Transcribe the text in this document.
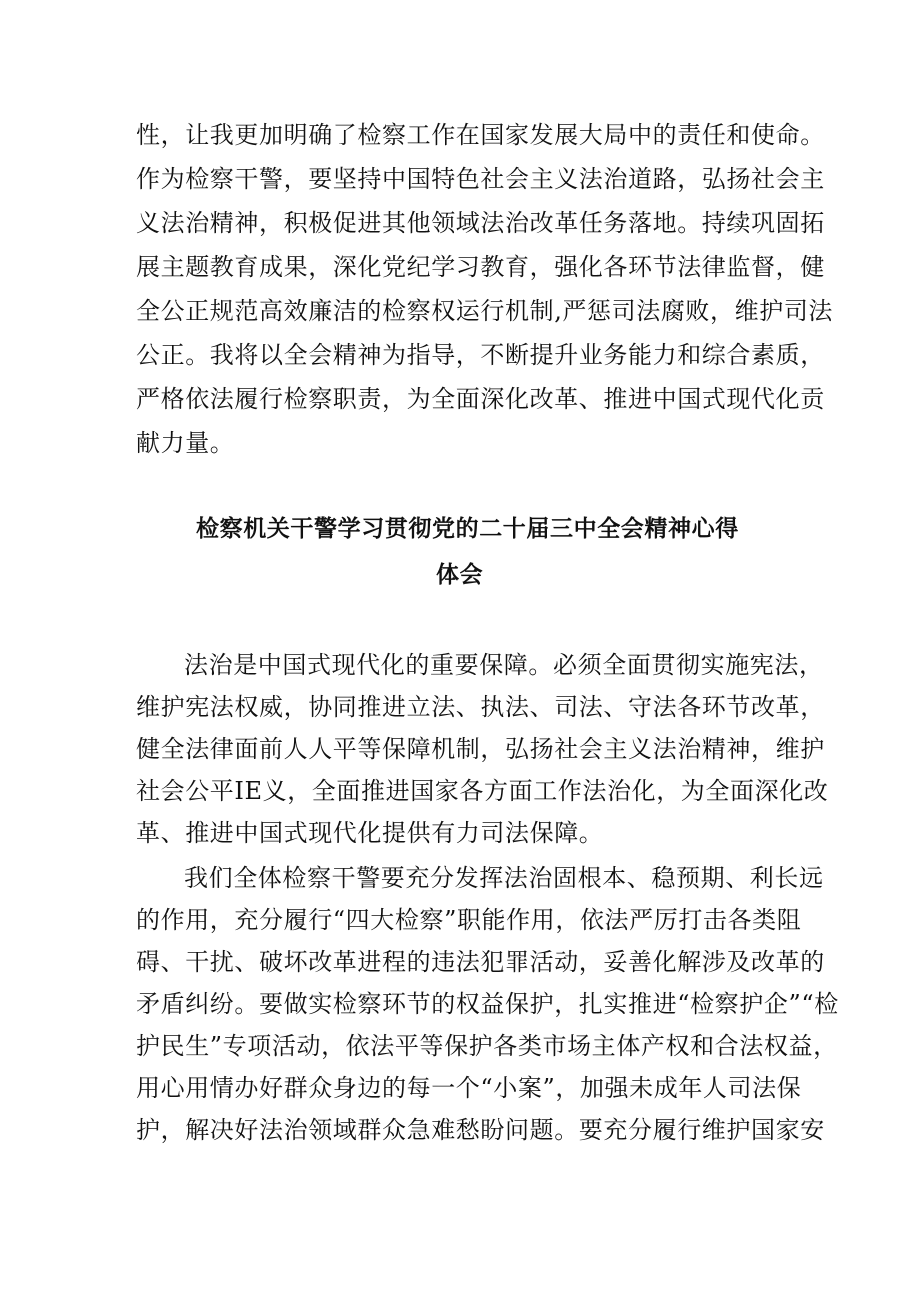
性，让我更加明确了检察工作在国家发展大局中的责任和使命。
作为检察干警，要坚持中国特色社会主义法治道路，弘扬社会主
义法治精神，积极促进其他领域法治改革任务落地。持续巩固拓
展主题教育成果，深化党纪学习教育，强化各环节法律监督，健
全公正规范高效廉洁的检察权运行机制,严惩司法腐败，维护司法
公正。我将以全会精神为指导，不断提升业务能力和综合素质，
严格依法履行检察职责，为全面深化改革、推进中国式现代化贡
献力量。
检察机关干警学习贯彻党的二十届三中全会精神心得
体会
法治是中国式现代化的重要保障。必须全面贯彻实施宪法，
维护宪法权威，协同推进立法、执法、司法、守法各环节改革，
健全法律面前人人平等保障机制，弘扬社会主义法治精神，维护
社会公平IE义，全面推进国家各方面工作法治化，为全面深化改
革、推进中国式现代化提供有力司法保障。
我们全体检察干警要充分发挥法治固根本、稳预期、利长远
的作用，充分履行“四大检察”职能作用，依法严厉打击各类阻
碍、干扰、破坏改革进程的违法犯罪活动，妥善化解涉及改革的
矛盾纠纷。要做实检察环节的权益保护，扎实推进“检察护企”“检
护民生”专项活动，依法平等保护各类市场主体产权和合法权益，
用心用情办好群众身边的每一个“小案”，加强未成年人司法保
护，解决好法治领域群众急难愁盼问题。要充分履行维护国家安
